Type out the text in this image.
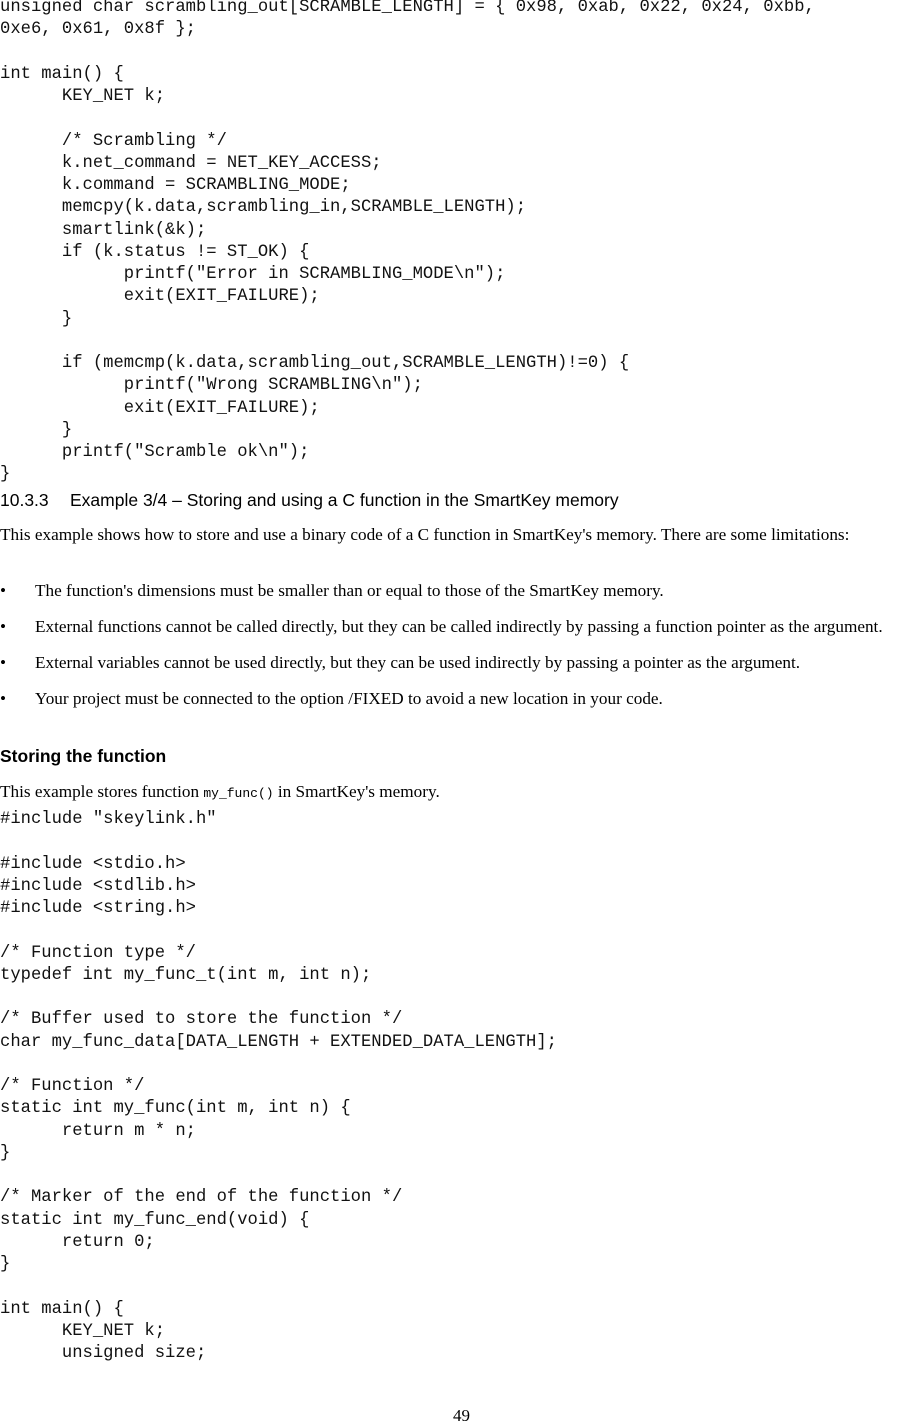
unsigned char scrambling_out[SCRAMBLE_LENGTH] = { 0x98, 0xab, 0x22, 0x24, 0xbb,
0xe6, 0x61, 0x8f };
int main() {
KEY_NET k;
/* Scrambling */
k.net_command = NET_KEY_ACCESS;
k.command = SCRAMBLING_MODE;
memcpy(k.data,scrambling_in,SCRAMBLE_LENGTH);
smartlink(&k);
if (k.status != ST_OK) {
printf("Error in SCRAMBLING_MODE\n");
exit(EXIT_FAILURE);
}
if (memcmp(k.data,scrambling_out,SCRAMBLE_LENGTH)!=0) {
printf("Wrong SCRAMBLING\n");
exit(EXIT_FAILURE);
}
printf("Scramble ok\n");
}
10.3.3 Example 3/4 – Storing and using a C function in the SmartKey memory
This example shows how to store and use a binary code of a C function in SmartKey's memory. There are some limitations:
• The function's dimensions must be smaller than or equal to those of the SmartKey memory.
• External functions cannot be called directly, but they can be called indirectly by passing a function pointer as the argument.
• External variables cannot be used directly, but they can be used indirectly by passing a pointer as the argument.
• Your project must be connected to the option /FIXED to avoid a new location in your code.
Storing the function
This example stores function my_func() in SmartKey's memory.
#include "skeylink.h"
#include <stdio.h>
#include <stdlib.h>
#include <string.h>
/* Function type */
typedef int my_func_t(int m, int n);
/* Buffer used to store the function */
char my_func_data[DATA_LENGTH + EXTENDED_DATA_LENGTH];
/* Function */
static int my_func(int m, int n) {
return m * n;
}
/* Marker of the end of the function */
static int my_func_end(void) {
return 0;
}
int main() {
KEY_NET k;
unsigned size;
49
